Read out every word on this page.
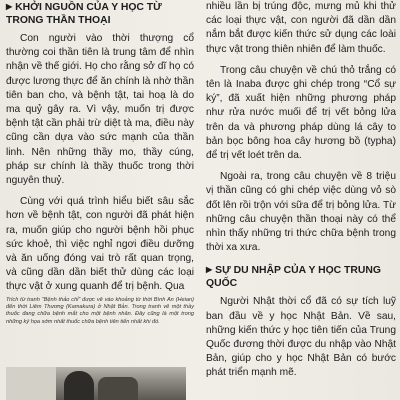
▶ KHỞI NGUỒN CỦA Y HỌC TỪ TRONG THẦN THOẠI

Con người vào thời thượng cổ thường coi thần tiên là trung tâm để nhìn nhận về thế giới. Họ cho rằng sở dĩ họ có được lương thực để ăn chính là nhờ thần tiên ban cho, và bệnh tật, tai hoạ là do ma quỷ gây ra. Vì vậy, muốn trị được bệnh tật cần phải trừ diệt tà ma, điều này cũng cần dựa vào sức mạnh của thần linh. Nên những thầy mo, thầy cúng, pháp sư chính là thầy thuốc trong thời nguyên thuỷ.

Cùng với quá trình hiểu biết sâu sắc hơn về bệnh tật, con người đã phát hiện ra, muốn giúp cho người bệnh hồi phục sức khoẻ, thì việc nghỉ ngơi điều dưỡng và ăn uống đóng vai trò rất quan trọng, và cũng dần dần biết thử dùng các loại thực vật ở xung quanh để trị bệnh. Qua

Trích từ tranh “Bệnh thảo chỉ” được vẽ vào khoảng từ thời Bình An (Heian) đến thời Liêm Thương (Kamakura) ở Nhật Bản. Trong tranh vẽ một thầy thuốc đang chữa bệnh mắt cho một bệnh nhân. Đây cũng là một trong những ký họa sớm nhất thuốc chữa bệnh tiên tiến nhất khi đó.

nhiều lần bị trúng độc, mưng mủ khi thử các loại thực vật, con người đã dần dần nắm bắt được kiến thức sử dụng các loài thực vật trong thiên nhiên để làm thuốc.

Trong câu chuyện về chú thỏ trắng có tên là Inaba được ghi chép trong “Cổ sự ký”, đã xuất hiện những phương pháp như rửa nước muối để trị vết bỏng lửa trên da và phương pháp dùng lá cây to bản bọc bông hoa cây hương bồ (typha) để trị vết loét trên da.

Ngoài ra, trong câu chuyện về 8 triệu vị thần cũng có ghi chép việc dùng vỏ sò đốt lên rồi trộn với sữa để trị bỏng lửa. Từ những câu chuyện thần thoại này có thể nhìn thấy những tri thức chữa bệnh trong thời xa xưa.

▶ SỰ DU NHẬP CỦA Y HỌC TRUNG QUỐC

Người Nhật thời cổ đã có sự tích luỹ ban đầu về y học Nhật Bản. Về sau, những kiến thức y học tiên tiến của Trung Quốc đương thời được du nhập vào Nhật Bản, giúp cho y học Nhật Bản có bước phát triển mạnh mẽ.
